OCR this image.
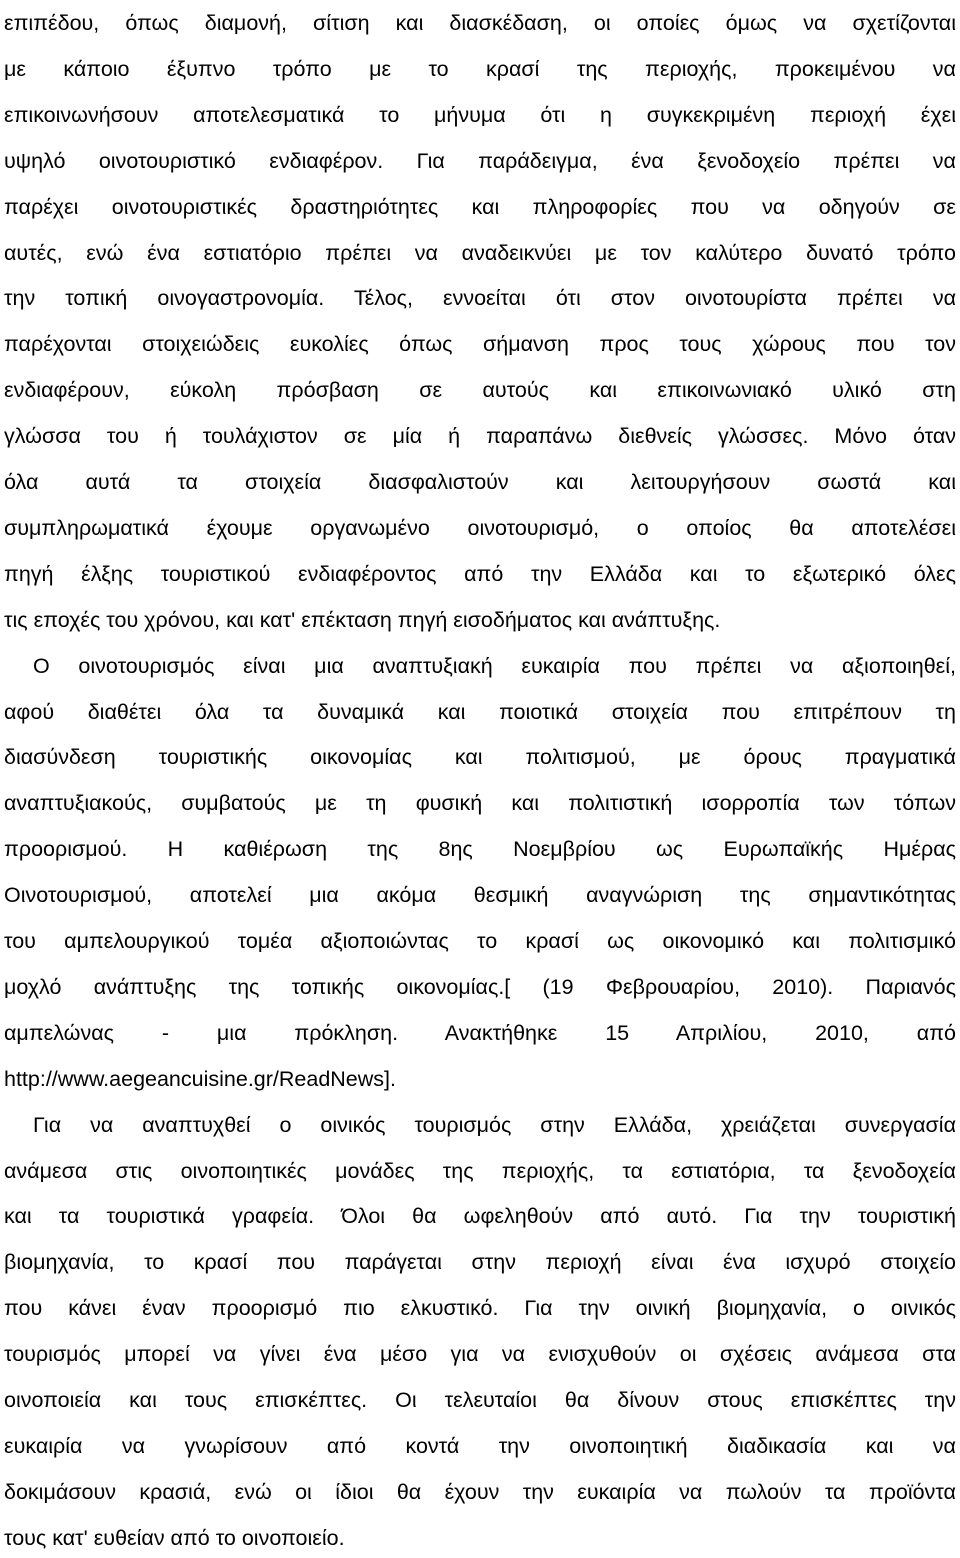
επιπέδου, όπως διαμονή, σίτιση και διασκέδαση, οι οποίες όμως να σχετίζονται
με κάποιο έξυπνο τρόπο με το κρασί της περιοχής, προκειμένου να
επικοινωνήσουν αποτελεσματικά το μήνυμα ότι η συγκεκριμένη περιοχή έχει
υψηλό οινοτουριστικό ενδιαφέρον. Για παράδειγμα, ένα ξενοδοχείο πρέπει να
παρέχει οινοτουριστικές δραστηριότητες και πληροφορίες που να οδηγούν σε
αυτές, ενώ ένα εστιατόριο πρέπει να αναδεικνύει με τον καλύτερο δυνατό τρόπο
την τοπική οινογαστρονομία. Τέλος, εννοείται ότι στον οινοτουρίστα πρέπει να
παρέχονται στοιχειώδεις ευκολίες όπως σήμανση προς τους χώρους που τον
ενδιαφέρουν, εύκολη πρόσβαση σε αυτούς και επικοινωνιακό υλικό στη
γλώσσα του ή τουλάχιστον σε μία ή παραπάνω διεθνείς γλώσσες. Μόνο όταν
όλα αυτά τα στοιχεία διασφαλιστούν και λειτουργήσουν σωστά και
συμπληρωματικά έχουμε οργανωμένο οινοτουρισμό, ο οποίος θα αποτελέσει
πηγή έλξης τουριστικού ενδιαφέροντος από την Ελλάδα και το εξωτερικό όλες
τις εποχές του χρόνου, και κατ' επέκταση πηγή εισοδήματος και ανάπτυξης.
Ο οινοτουρισμός είναι μια αναπτυξιακή ευκαιρία που πρέπει να αξιοποιηθεί,
αφού διαθέτει όλα τα δυναμικά και ποιοτικά στοιχεία που επιτρέπουν τη
διασύνδεση τουριστικής οικονομίας και πολιτισμού, με όρους πραγματικά
αναπτυξιακούς, συμβατούς με τη φυσική και πολιτιστική ισορροπία των τόπων
προορισμού. Η καθιέρωση της 8ης Νοεμβρίου ως Ευρωπαϊκής Ημέρας
Οινοτουρισμού, αποτελεί μια ακόμα θεσμική αναγνώριση της σημαντικότητας
του αμπελουργικού τομέα αξιοποιώντας το κρασί ως οικονομικό και πολιτισμικό
μοχλό ανάπτυξης της τοπικής οικονομίας.[ (19 Φεβρουαρίου, 2010). Παριανός
αμπελώνας - μια πρόκληση. Ανακτήθηκε 15 Απριλίου, 2010, από
http://www.aegeancuisine.gr/ReadNews].
Για να αναπτυχθεί ο οινικός τουρισμός στην Ελλάδα, χρειάζεται συνεργασία
ανάμεσα στις οινοποιητικές μονάδες της περιοχής, τα εστιατόρια, τα ξενοδοχεία
και τα τουριστικά γραφεία. Όλοι θα ωφεληθούν από αυτό. Για την τουριστική
βιομηχανία, το κρασί που παράγεται στην περιοχή είναι ένα ισχυρό στοιχείο
που κάνει έναν προορισμό πιο ελκυστικό. Για την οινική βιομηχανία, ο οινικός
τουρισμός μπορεί να γίνει ένα μέσο για να ενισχυθούν οι σχέσεις ανάμεσα στα
οινοποιεία και τους επισκέπτες. Οι τελευταίοι θα δίνουν στους επισκέπτες την
ευκαιρία να γνωρίσουν από κοντά την οινοποιητική διαδικασία και να
δοκιμάσουν κρασιά, ενώ οι ίδιοι θα έχουν την ευκαιρία να πωλούν τα προϊόντα
τους κατ' ευθείαν από το οινοποιείο.
